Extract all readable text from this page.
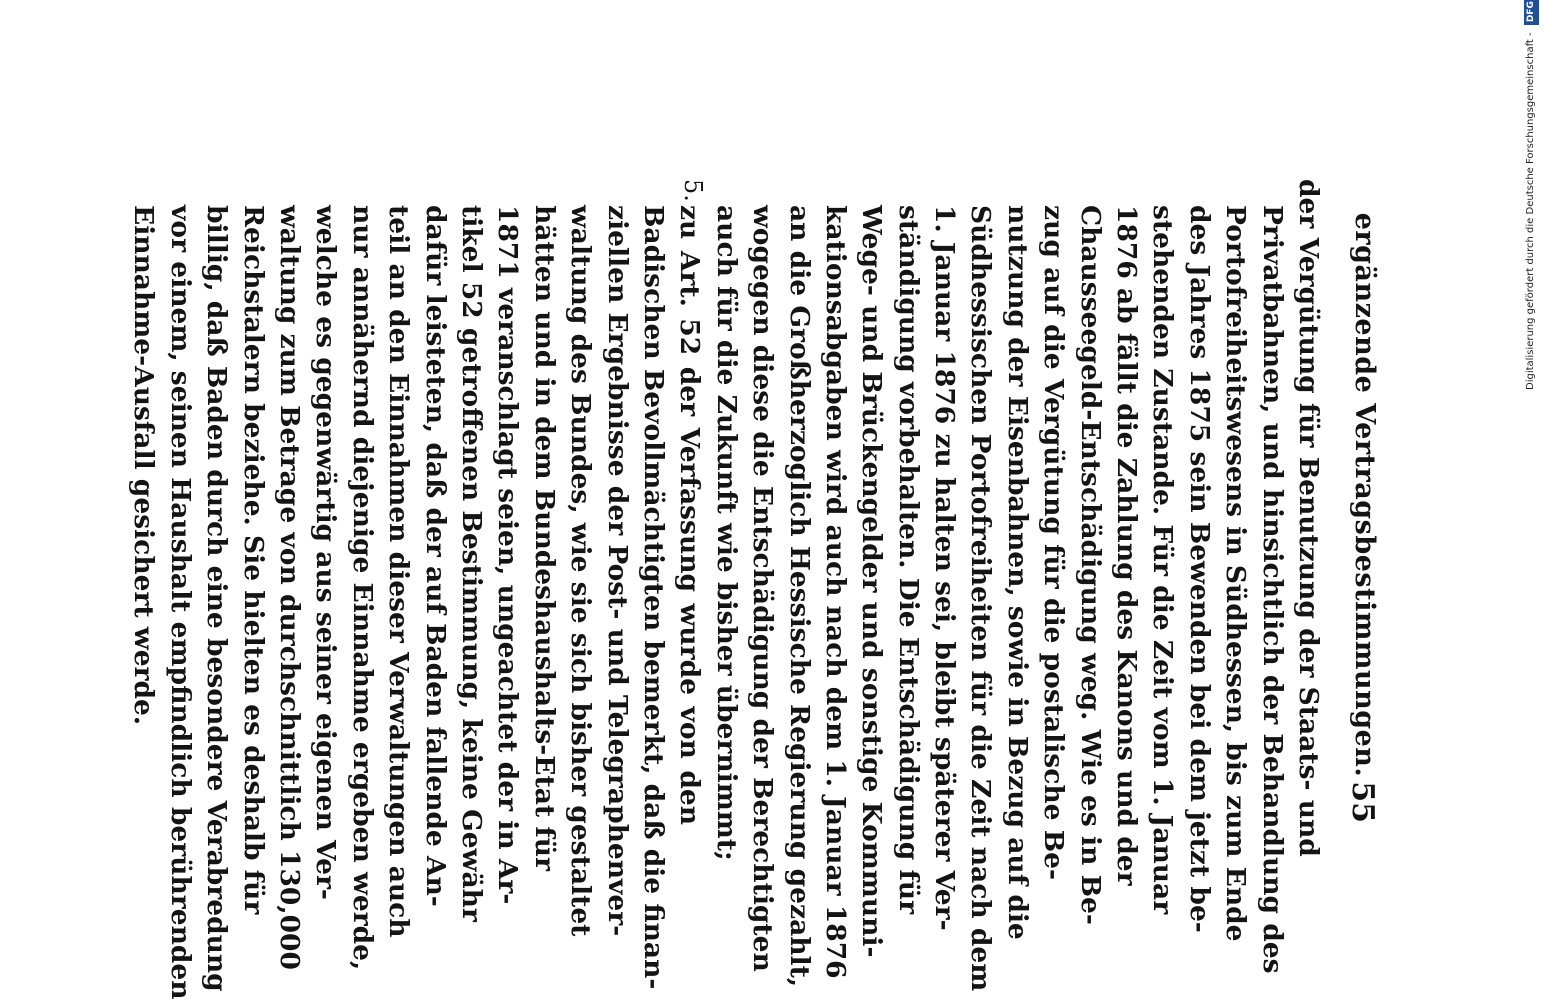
ergänzende Vertragsbestimmungen.
55
der Vergütung für Benutzung der Staats- und
Privatbahnen, und hinsichtlich der Behandlung des
Portofreiheitswesens in Südhessen, bis zum Ende
des Jahres 1875 sein Bewenden bei dem jetzt be-
stehenden Zustande. Für die Zeit vom 1. Januar
1876 ab fällt die Zahlung des Kanons und der
Chausseegeld-Entschädigung weg. Wie es in Be-
zug auf die Vergütung für die postalische Be-
nutzung der Eisenbahnen, sowie in Bezug auf die
Südhessischen Portofreiheiten für die Zeit nach dem
1. Januar 1876 zu halten sei, bleibt späterer Ver-
ständigung vorbehalten. Die Entschädigung für
Wege- und Brückengelder und sonstige Kommuni-
kationsabgaben wird auch nach dem 1. Januar 1876
an die Großherzoglich Hessische Regierung gezahlt,
wogegen diese die Entschädigung der Berechtigten
auch für die Zukunft wie bisher übernimmt;
5.
zu Art. 52 der Verfassung wurde von den
Badischen Bevollmächtigten bemerkt, daß die finan-
ziellen Ergebnisse der Post- und Telegraphenver-
waltung des Bundes, wie sie sich bisher gestaltet
hätten und in dem Bundeshaushalts-Etat für
1871 veranschlagt seien, ungeachtet der in Ar-
tikel 52 getroffenen Bestimmung, keine Gewähr
dafür leisteten, daß der auf Baden fallende An-
teil an den Einnahmen dieser Verwaltungen auch
nur annähernd diejenige Einnahme ergeben werde,
welche es gegenwärtig aus seiner eigenen Ver-
waltung zum Betrage von durchschnittlich 130,000
Reichstalern beziehe. Sie hielten es deshalb für
billig, daß Baden durch eine besondere Verabredung
vor einem, seinen Haushalt empfindlich berührenden
Einnahme-Ausfall gesichert werde.	Digitalisierung gefördert durch die Deutsche Forschungsgemeinschaft - DFG
